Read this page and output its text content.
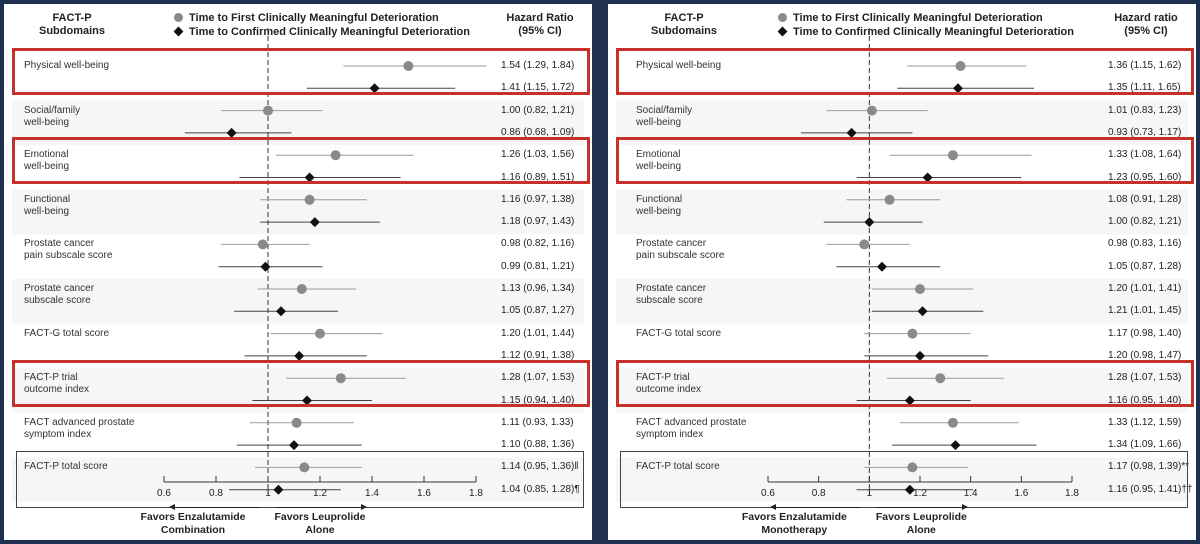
FACT-P
Subdomains
Hazard Ratio
(95% CI)
Time to First Clinically Meaningful Deterioration
Time to Confirmed Clinically Meaningful Deterioration
0.6	0.8	1	1.2	1.4	1.6	1.8
Physical well-being	1.54 (1.29, 1.84)
1.41 (1.15, 1.72)
Social/family
well-being
1.00 (0.82, 1.21)
0.86 (0.68, 1.09)
Emotional
well-being
1.26 (1.03, 1.56)
1.16 (0.89, 1.51)
Functional
well-being
1.16 (0.97, 1.38)
1.18 (0.97, 1.43)
Prostate cancer
pain subscale score
0.98 (0.82, 1.16)
0.99 (0.81, 1.21)
Prostate cancer
subscale score
1.13 (0.96, 1.34)
1.05 (0.87, 1.27)
FACT-G total score	1.20 (1.01, 1.44)
1.12 (0.91, 1.38)
FACT-P trial
outcome index
1.28 (1.07, 1.53)
1.15 (0.94, 1.40)
FACT advanced prostate
symptom index
1.11 (0.93, 1.33)
1.10 (0.88, 1.36)
FACT-P total score	1.14 (0.95, 1.36)‖
1.04 (0.85, 1.28)¶
Favors Enzalutamide
Combination
Favors Leuprolide
Alone
FACT-P
Subdomains
Hazard ratio
(95% CI)
Time to First Clinically Meaningful Deterioration
Time to Confirmed Clinically Meaningful Deterioration
0.6	0.8	1	1.2	1.4	1.6	1.8
Physical well-being	1.36 (1.15, 1.62)
1.35 (1.11, 1.65)
Social/family
well-being
1.01 (0.83, 1.23)
0.93 (0.73, 1.17)
Emotional
well-being
1.33 (1.08, 1.64)
1.23 (0.95, 1.60)
Functional
well-being
1.08 (0.91, 1.28)
1.00 (0.82, 1.21)
Prostate cancer
pain subscale score
0.98 (0.83, 1.16)
1.05 (0.87, 1.28)
Prostate cancer
subscale score
1.20 (1.01, 1.41)
1.21 (1.01, 1.45)
FACT-G total score	1.17 (0.98, 1.40)
1.20 (0.98, 1.47)
FACT-P trial
outcome index
1.28 (1.07, 1.53)
1.16 (0.95, 1.40)
FACT advanced prostate
symptom index
1.33 (1.12, 1.59)
1.34 (1.09, 1.66)
FACT-P total score	1.17 (0.98, 1.39)**
1.16 (0.95, 1.41)††
Favors Enzalutamide
Monotherapy
Favors Leuprolide
Alone
